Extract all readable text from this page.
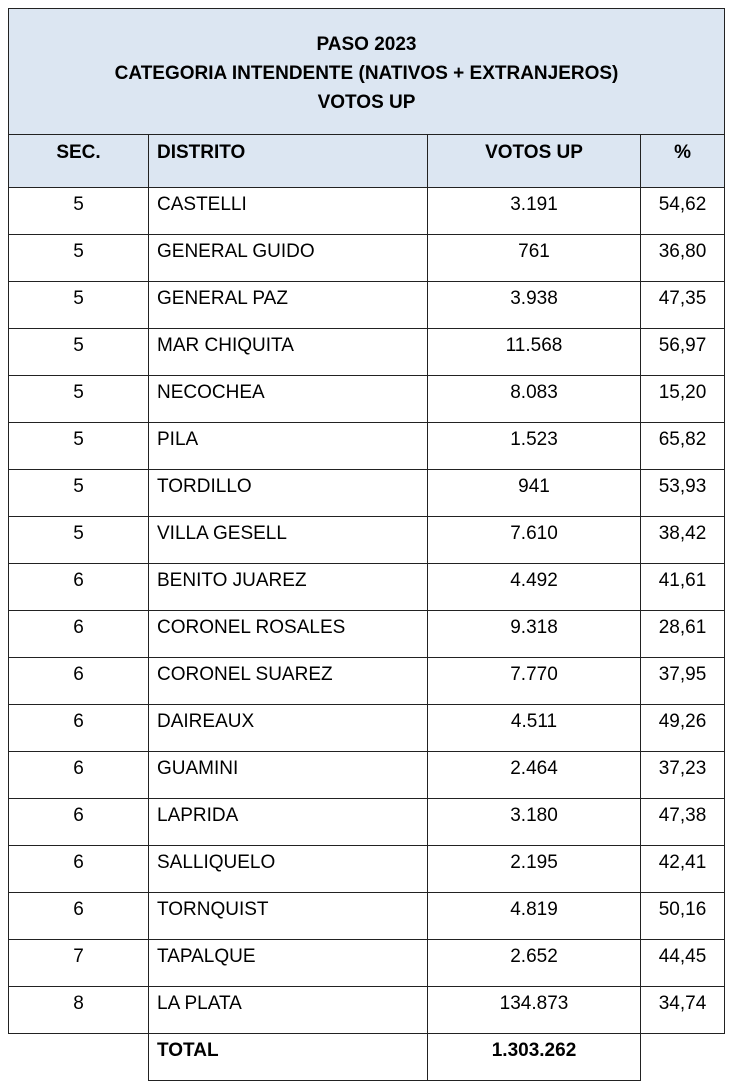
PASO 2023
CATEGORIA INTENDENTE (NATIVOS + EXTRANJEROS)
VOTOS UP			

SEC.	DISTRITO	VOTOS UP	%
5	CASTELLI	3.191	54,62
5	GENERAL GUIDO	761	36,80
5	GENERAL PAZ	3.938	47,35
5	MAR CHIQUITA	11.568	56,97
5	NECOCHEA	8.083	15,20
5	PILA	1.523	65,82
5	TORDILLO	941	53,93
5	VILLA GESELL	7.610	38,42
6	BENITO JUAREZ	4.492	41,61
6	CORONEL ROSALES	9.318	28,61
6	CORONEL SUAREZ	7.770	37,95
6	DAIREAUX	4.511	49,26
6	GUAMINI	2.464	37,23
6	LAPRIDA	3.180	47,38
6	SALLIQUELO	2.195	42,41
6	TORNQUIST	4.819	50,16
7	TAPALQUE	2.652	44,45
8	LA PLATA	134.873	34,74
	TOTAL	1.303.262	
